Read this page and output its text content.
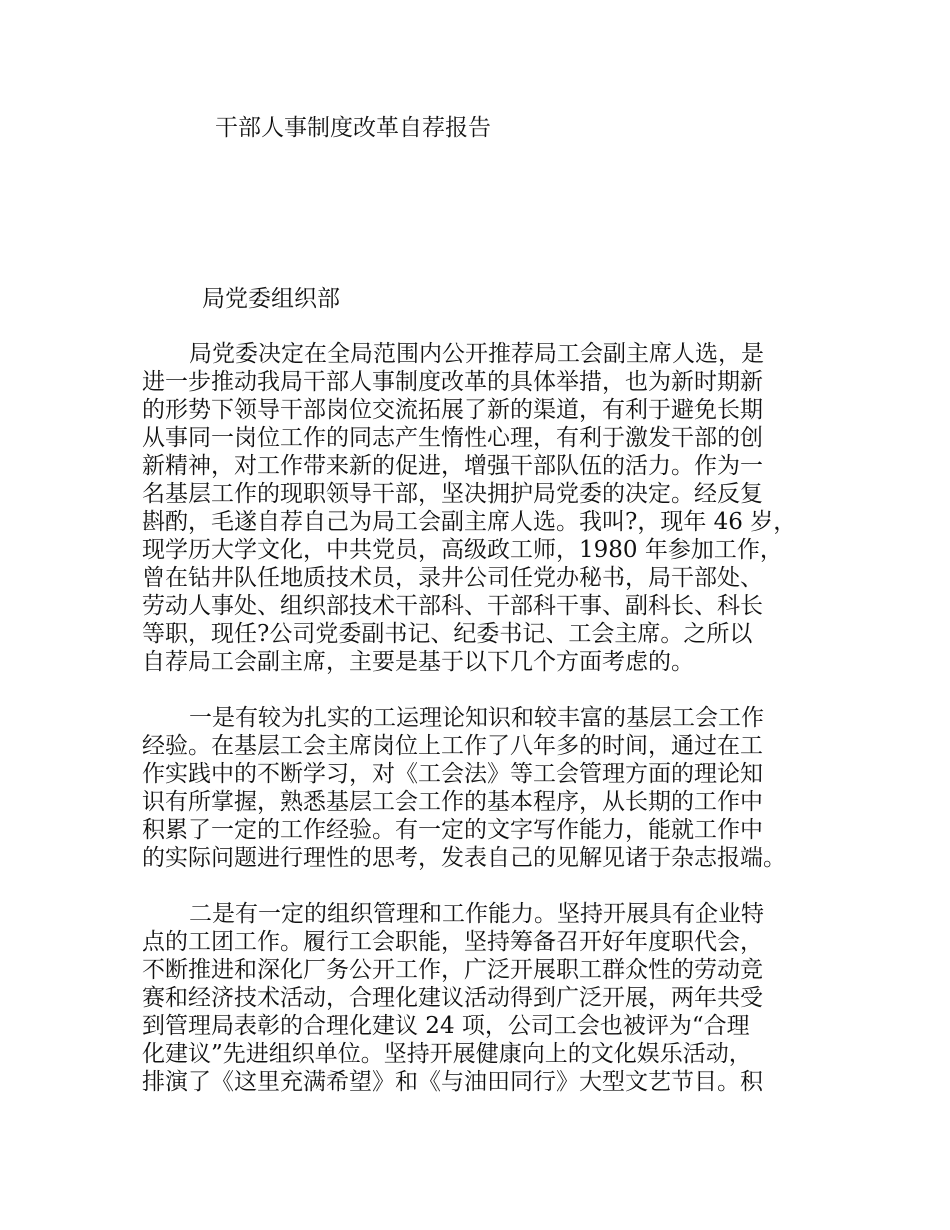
干部人事制度改革自荐报告
局党委组织部
局党委决定在全局范围内公开推荐局工会副主席人选，是
进一步推动我局干部人事制度改革的具体举措，也为新时期新
的形势下领导干部岗位交流拓展了新的渠道，有利于避免长期
从事同一岗位工作的同志产生惰性心理，有利于激发干部的创
新精神，对工作带来新的促进，增强干部队伍的活力。作为一
名基层工作的现职领导干部，坚决拥护局党委的决定。经反复
斟酌，毛遂自荐自己为局工会副主席人选。我叫?，现年 46 岁，
现学历大学文化，中共党员，高级政工师，1980 年参加工作，
曾在钻井队任地质技术员，录井公司任党办秘书，局干部处、
劳动人事处、组织部技术干部科、干部科干事、副科长、科长
等职，现任?公司党委副书记、纪委书记、工会主席。之所以
自荐局工会副主席，主要是基于以下几个方面考虑的。
一是有较为扎实的工运理论知识和较丰富的基层工会工作
经验。在基层工会主席岗位上工作了八年多的时间，通过在工
作实践中的不断学习，对《工会法》等工会管理方面的理论知
识有所掌握，熟悉基层工会工作的基本程序，从长期的工作中
积累了一定的工作经验。有一定的文字写作能力，能就工作中
的实际问题进行理性的思考，发表自己的见解见诸于杂志报端。
二是有一定的组织管理和工作能力。坚持开展具有企业特
点的工团工作。履行工会职能，坚持筹备召开好年度职代会，
不断推进和深化厂务公开工作，广泛开展职工群众性的劳动竞
赛和经济技术活动，合理化建议活动得到广泛开展，两年共受
到管理局表彰的合理化建议 24 项，公司工会也被评为“合理
化建议”先进组织单位。坚持开展健康向上的文化娱乐活动，
排演了《这里充满希望》和《与油田同行》大型文艺节目。积
